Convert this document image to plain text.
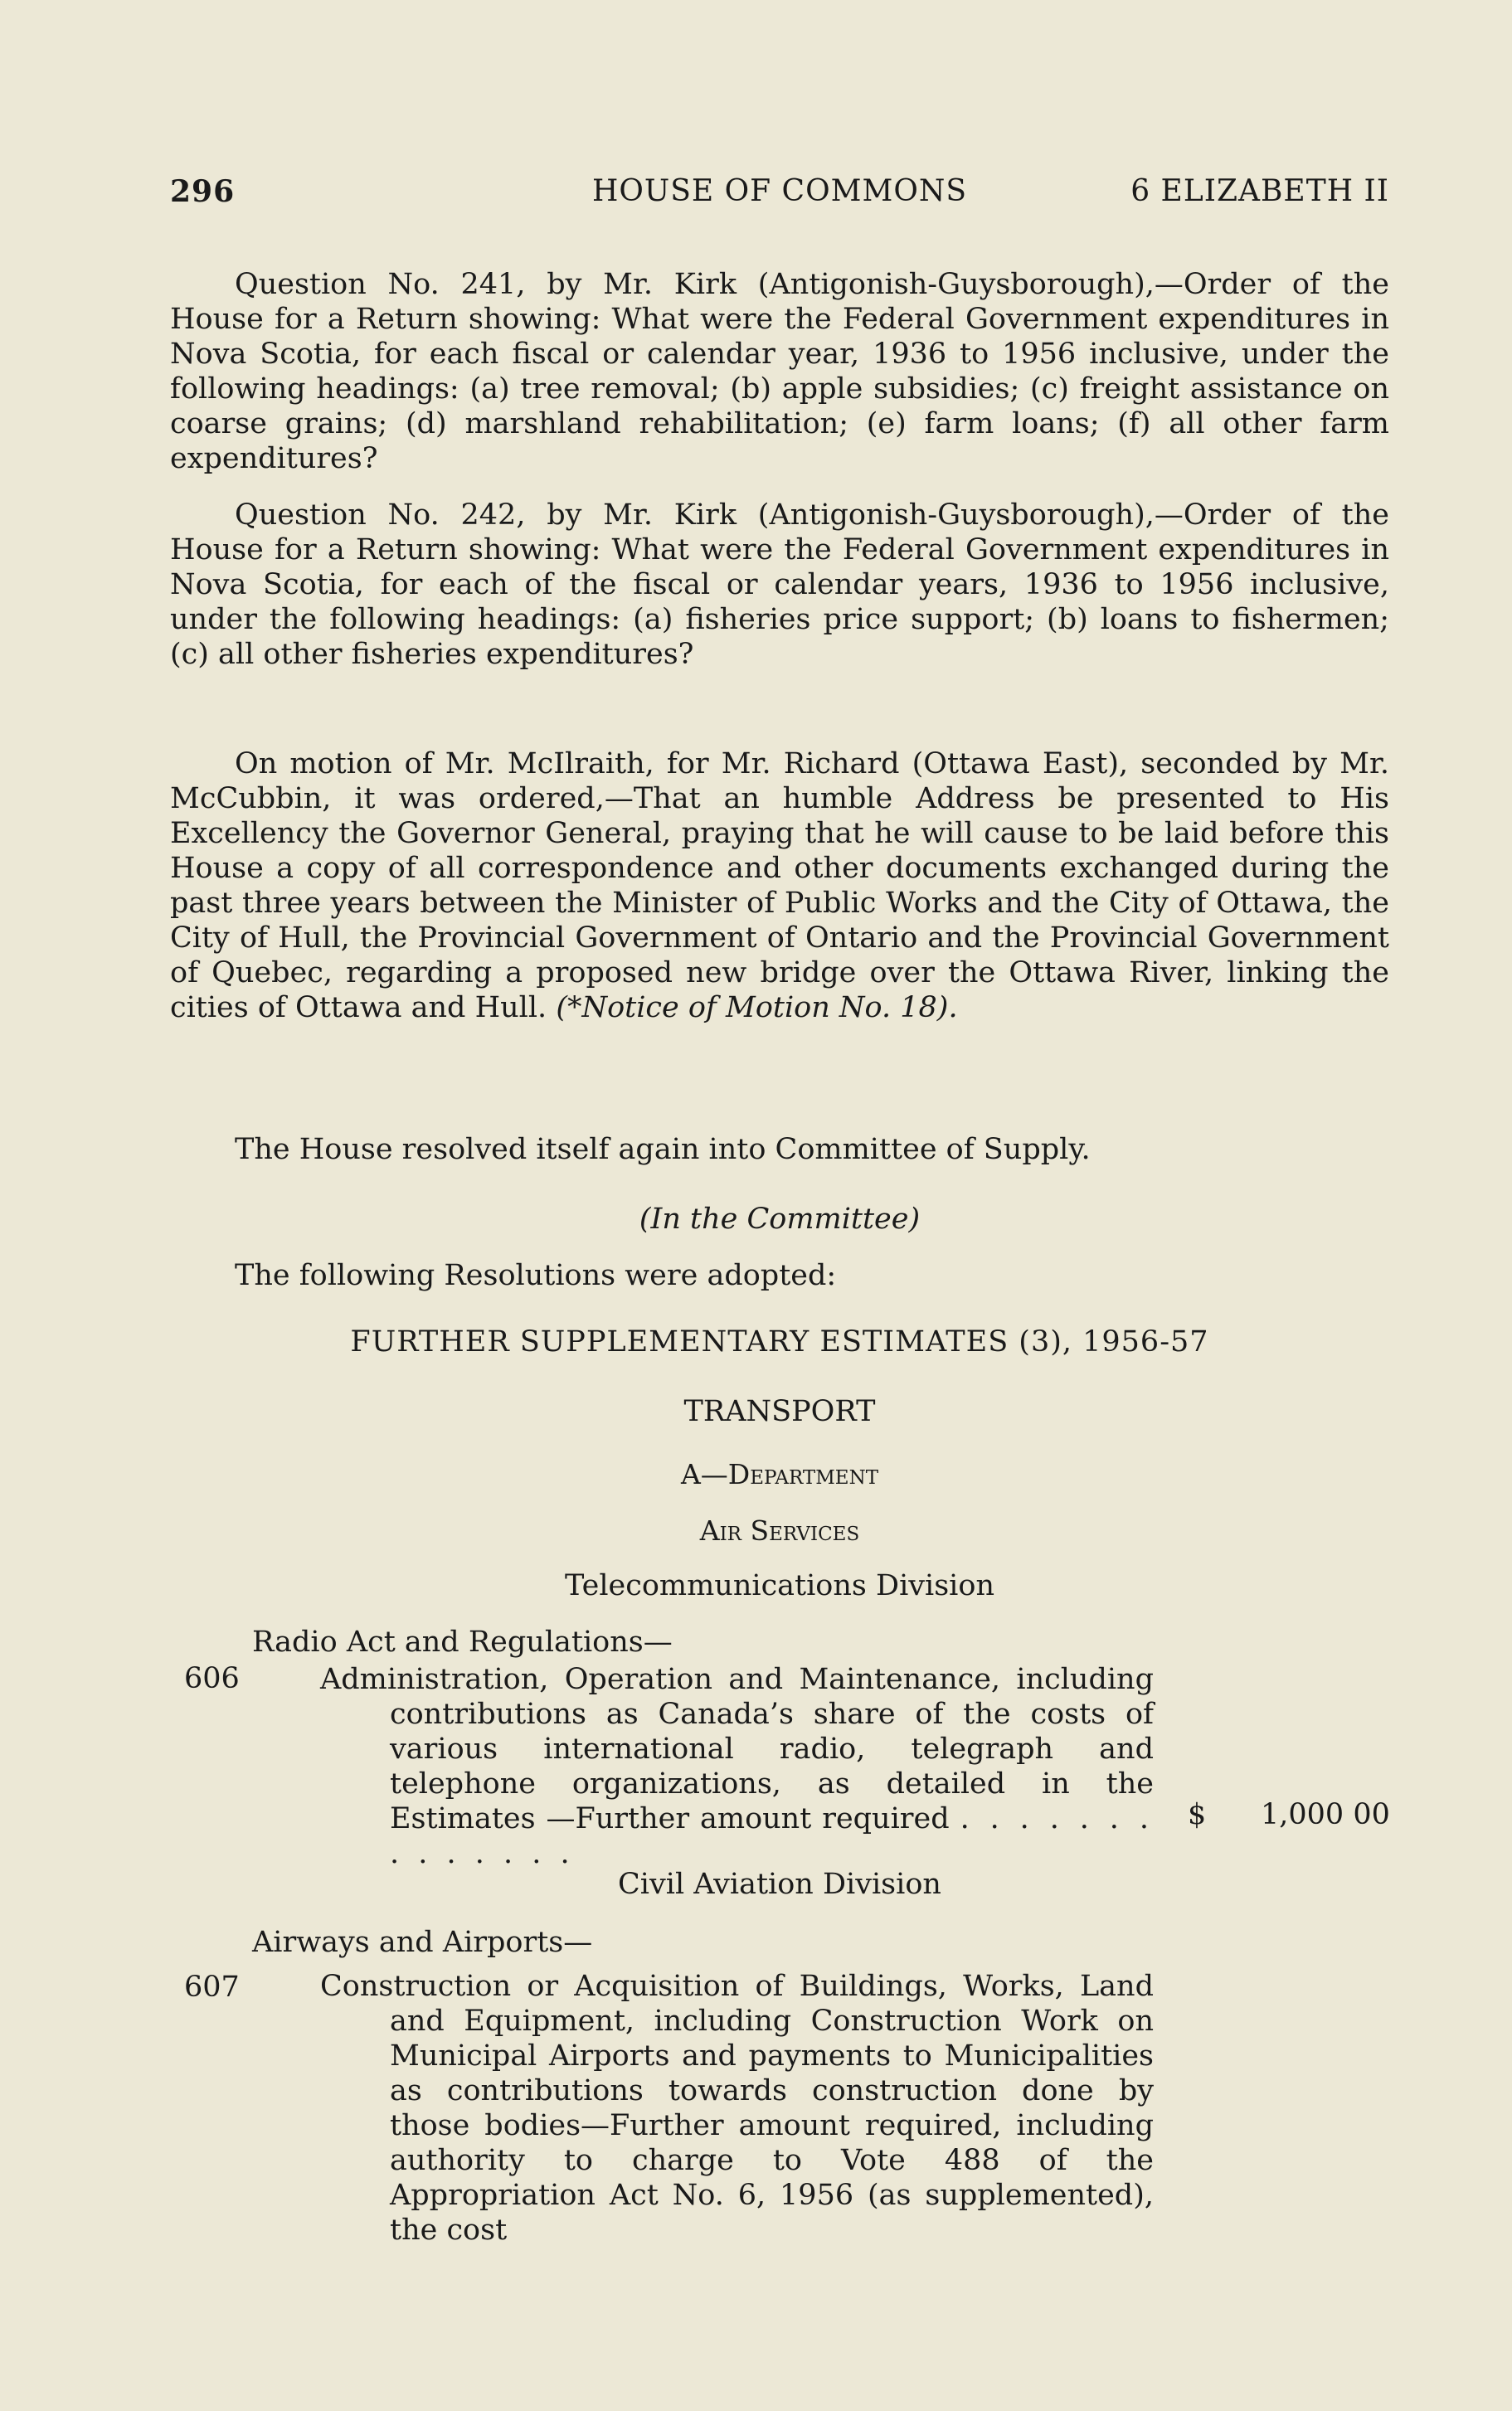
296	HOUSE OF COMMONS	6 ELIZABETH II
Question No. 241, by Mr. Kirk (Antigonish-Guysborough),—Order of the House for a Return showing: What were the Federal Government expenditures in Nova Scotia, for each fiscal or calendar year, 1936 to 1956 inclusive, under the following headings: (a) tree removal; (b) apple subsidies; (c) freight assistance on coarse grains; (d) marshland rehabilitation; (e) farm loans; (f) all other farm expenditures?
Question No. 242, by Mr. Kirk (Antigonish-Guysborough),—Order of the House for a Return showing: What were the Federal Government expenditures in Nova Scotia, for each of the fiscal or calendar years, 1936 to 1956 inclusive, under the following headings: (a) fisheries price support; (b) loans to fishermen; (c) all other fisheries expenditures?
On motion of Mr. McIlraith, for Mr. Richard (Ottawa East), seconded by Mr. McCubbin, it was ordered,—That an humble Address be presented to His Excellency the Governor General, praying that he will cause to be laid before this House a copy of all correspondence and other documents exchanged during the past three years between the Minister of Public Works and the City of Ottawa, the City of Hull, the Provincial Government of Ontario and the Provincial Government of Quebec, regarding a proposed new bridge over the Ottawa River, linking the cities of Ottawa and Hull. (*Notice of Motion No. 18).
The House resolved itself again into Committee of Supply.
(In the Committee)
The following Resolutions were adopted:
FURTHER SUPPLEMENTARY ESTIMATES (3), 1956-57
TRANSPORT
A—Department
Air Services
Telecommunications Division
Radio Act and Regulations—
606	Administration, Operation and Maintenance, including contributions as Canada’s share of the costs of various international radio, telegraph and telephone organizations, as detailed in the Estimates —Further amount required . . . . . . . . . . . . . .
$ 1,000 00
Civil Aviation Division
Airways and Airports—
607	Construction or Acquisition of Buildings, Works, Land and Equipment, including Construction Work on Municipal Airports and payments to Municipalities as contributions towards construction done by those bodies—Further amount required, including authority to charge to Vote 488 of the Appropriation Act No. 6, 1956 (as supplemented), the cost
